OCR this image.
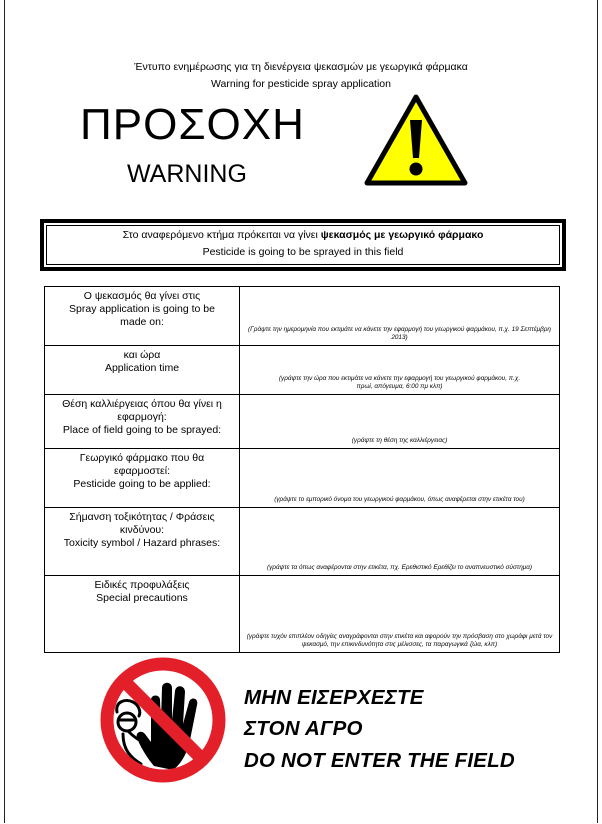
Έντυπο ενημέρωσης για τη διενέργεια ψεκασμών με γεωργικά φάρμακα
Warning for pesticide spray application
ΠΡΟΣΟΧΗ
WARNING
Στο αναφερόμενο κτήμα πρόκειται να γίνει ψεκασμός με γεωργικό φάρμακο
Pesticide is going to be sprayed in this field
Ο ψεκασμός θα γίνει στις
Spray application is going to be made on:	(Γράψτε την ημερομηνία που εκτιμάτε να κάνετε την εφαρμογή του γεωργικού φαρμάκου, π.χ. 19 Σεπτέμβρη 2013)

και ώρα
Application time	(γράψτε την ώρα που εκτιμάτε να κάνετε την εφαρμογή του γεωργικού φαρμάκου, π.χ. πρωί, απόγευμα, 6:00 πμ κλπ)

Θέση καλλιέργειας όπου θα γίνει η εφαρμογή:
Place of field going to be sprayed:	(γράψτε τη θέση της καλλιέργειας)

Γεωργικό φάρμακο που θα εφαρμοστεί:
Pesticide going to be applied:	(γράψτε το εμπορικό όνομα του γεωργικού φαρμάκου, όπως αναφέρεται στην ετικέτα του)

Σήμανση τοξικότητας / Φράσεις κινδύνου:
Toxicity symbol / Hazard phrases:	(γράψτε τα όπως αναφέρονται στην ετικέτα, πχ. Ερεθιστικό Ερεθίζει το αναπνευστικό σύστημα)

Ειδικές προφυλάξεις
Special precautions	(γράψτε τυχόν επιπλέον οδηγίες αναγράφονται στην ετικέτα και αφορούν την πρόσβαση στο χωράφι μετά τον ψεκασμό, την επικινδυνότητα στις μέλισσες, τα παραγωγικά ζώα, κλπ)
ΜΗΝ ΕΙΣΕΡΧΕΣΤΕ
ΣΤΟΝ ΑΓΡΟ
DO NOT ENTER THE FIELD
